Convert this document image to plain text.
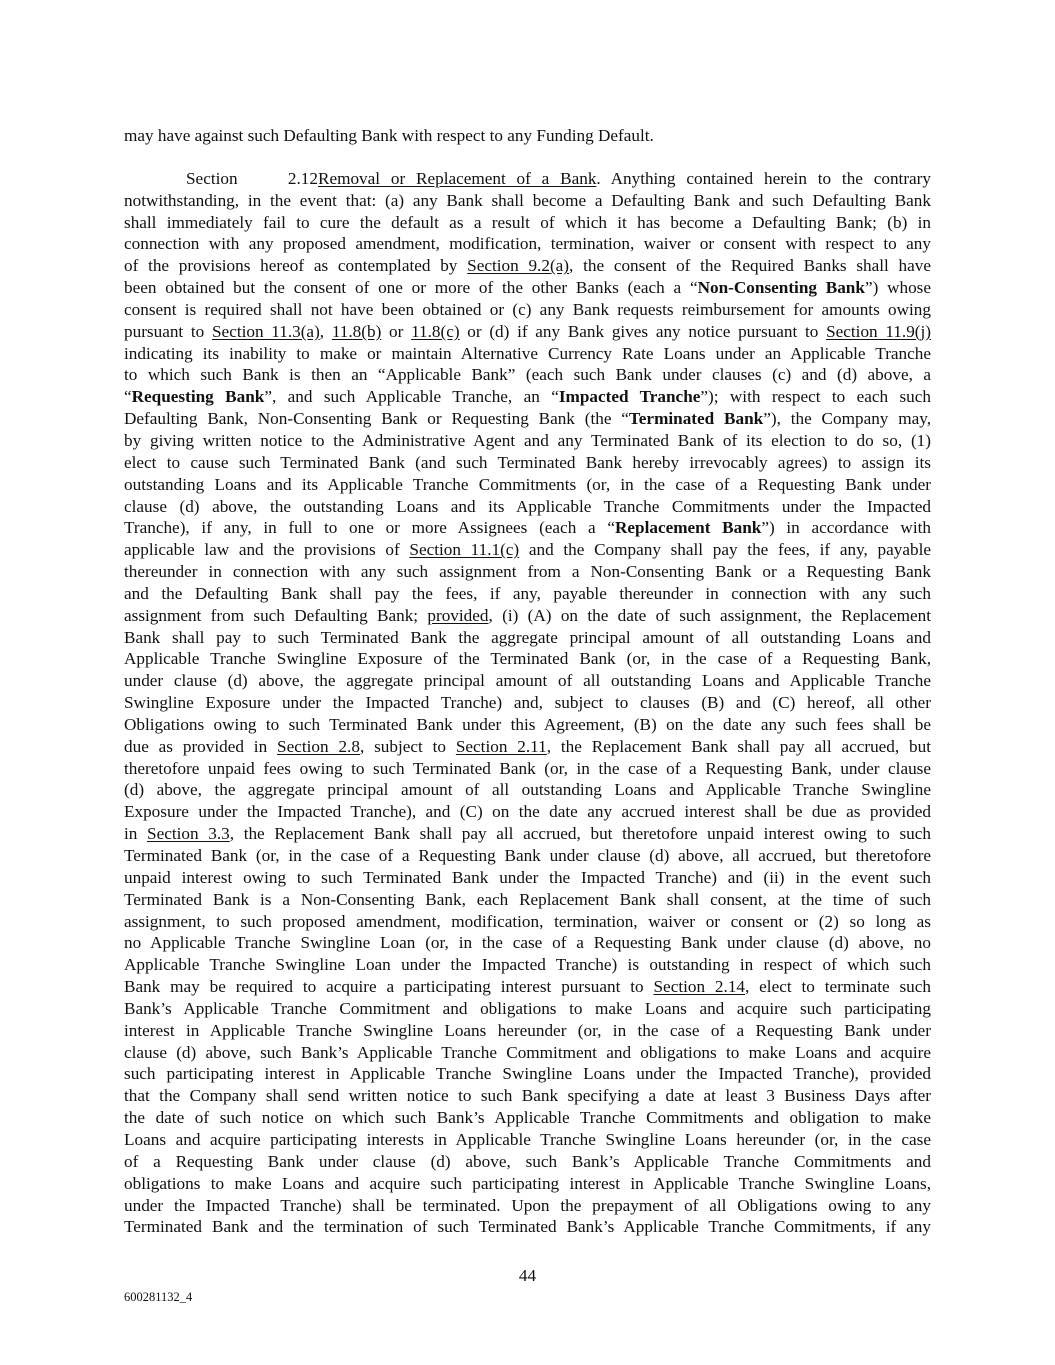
may have against such Defaulting Bank with respect to any Funding Default.
Section 2.12Removal or Replacement of a Bank. Anything contained herein to the contrary
notwithstanding, in the event that: (a) any Bank shall become a Defaulting Bank and such Defaulting Bank
shall immediately fail to cure the default as a result of which it has become a Defaulting Bank; (b) in
connection with any proposed amendment, modification, termination, waiver or consent with respect to any
of the provisions hereof as contemplated by Section 9.2(a), the consent of the Required Banks shall have
been obtained but the consent of one or more of the other Banks (each a “Non-Consenting Bank”) whose
consent is required shall not have been obtained or (c) any Bank requests reimbursement for amounts owing
pursuant to Section 11.3(a), 11.8(b) or 11.8(c) or (d) if any Bank gives any notice pursuant to Section 11.9(j)
indicating its inability to make or maintain Alternative Currency Rate Loans under an Applicable Tranche
to which such Bank is then an “Applicable Bank” (each such Bank under clauses (c) and (d) above, a
“Requesting Bank”, and such Applicable Tranche, an “Impacted Tranche”); with respect to each such
Defaulting Bank, Non-Consenting Bank or Requesting Bank (the “Terminated Bank”), the Company may,
by giving written notice to the Administrative Agent and any Terminated Bank of its election to do so, (1)
elect to cause such Terminated Bank (and such Terminated Bank hereby irrevocably agrees) to assign its
outstanding Loans and its Applicable Tranche Commitments (or, in the case of a Requesting Bank under
clause (d) above, the outstanding Loans and its Applicable Tranche Commitments under the Impacted
Tranche), if any, in full to one or more Assignees (each a “Replacement Bank”) in accordance with
applicable law and the provisions of Section 11.1(c) and the Company shall pay the fees, if any, payable
thereunder in connection with any such assignment from a Non-Consenting Bank or a Requesting Bank
and the Defaulting Bank shall pay the fees, if any, payable thereunder in connection with any such
assignment from such Defaulting Bank; provided, (i) (A) on the date of such assignment, the Replacement
Bank shall pay to such Terminated Bank the aggregate principal amount of all outstanding Loans and
Applicable Tranche Swingline Exposure of the Terminated Bank (or, in the case of a Requesting Bank,
under clause (d) above, the aggregate principal amount of all outstanding Loans and Applicable Tranche
Swingline Exposure under the Impacted Tranche) and, subject to clauses (B) and (C) hereof, all other
Obligations owing to such Terminated Bank under this Agreement, (B) on the date any such fees shall be
due as provided in Section 2.8, subject to Section 2.11, the Replacement Bank shall pay all accrued, but
theretofore unpaid fees owing to such Terminated Bank (or, in the case of a Requesting Bank, under clause
(d) above, the aggregate principal amount of all outstanding Loans and Applicable Tranche Swingline
Exposure under the Impacted Tranche), and (C) on the date any accrued interest shall be due as provided
in Section 3.3, the Replacement Bank shall pay all accrued, but theretofore unpaid interest owing to such
Terminated Bank (or, in the case of a Requesting Bank under clause (d) above, all accrued, but theretofore
unpaid interest owing to such Terminated Bank under the Impacted Tranche) and (ii) in the event such
Terminated Bank is a Non-Consenting Bank, each Replacement Bank shall consent, at the time of such
assignment, to such proposed amendment, modification, termination, waiver or consent or (2) so long as
no Applicable Tranche Swingline Loan (or, in the case of a Requesting Bank under clause (d) above, no
Applicable Tranche Swingline Loan under the Impacted Tranche) is outstanding in respect of which such
Bank may be required to acquire a participating interest pursuant to Section 2.14, elect to terminate such
Bank’s Applicable Tranche Commitment and obligations to make Loans and acquire such participating
interest in Applicable Tranche Swingline Loans hereunder (or, in the case of a Requesting Bank under
clause (d) above, such Bank’s Applicable Tranche Commitment and obligations to make Loans and acquire
such participating interest in Applicable Tranche Swingline Loans under the Impacted Tranche), provided
that the Company shall send written notice to such Bank specifying a date at least 3 Business Days after
the date of such notice on which such Bank’s Applicable Tranche Commitments and obligation to make
Loans and acquire participating interests in Applicable Tranche Swingline Loans hereunder (or, in the case
of a Requesting Bank under clause (d) above, such Bank’s Applicable Tranche Commitments and
obligations to make Loans and acquire such participating interest in Applicable Tranche Swingline Loans,
under the Impacted Tranche) shall be terminated. Upon the prepayment of all Obligations owing to any
Terminated Bank and the termination of such Terminated Bank’s Applicable Tranche Commitments, if any
44
600281132_4
